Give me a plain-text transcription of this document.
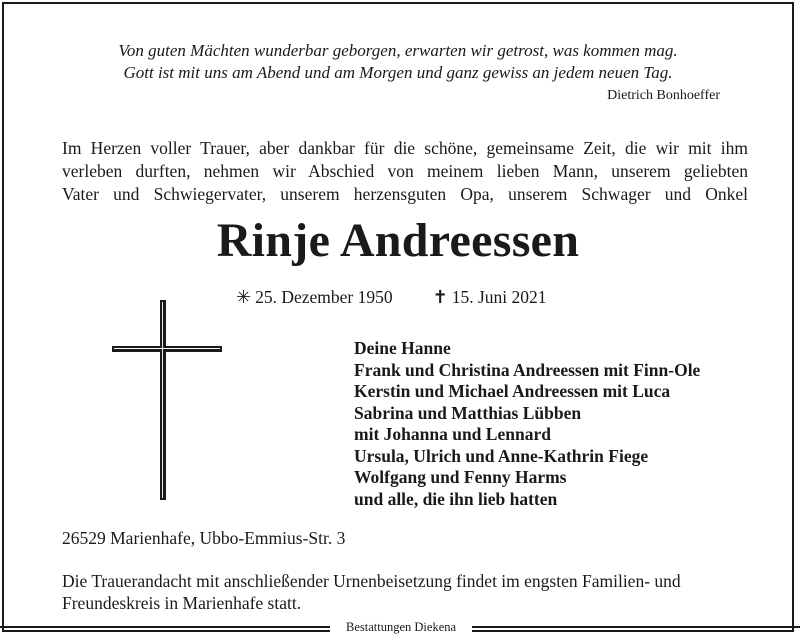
Von guten Mächten wunderbar geborgen, erwarten wir getrost, was kommen mag.
Gott ist mit uns am Abend und am Morgen und ganz gewiss an jedem neuen Tag.
Dietrich Bonhoeffer
Im Herzen voller Trauer, aber dankbar für die schöne, gemeinsame Zeit, die wir mit ihm
verleben durften, nehmen wir Abschied von meinem lieben Mann, unserem geliebten
Vater und Schwiegervater, unserem herzensguten Opa, unserem Schwager und Onkel
Rinje Andreessen
✳ 25. Dezember 1950 ✝ 15. Juni 2021
Deine Hanne
Frank und Christina Andreessen mit Finn-Ole
Kerstin und Michael Andreessen mit Luca
Sabrina und Matthias Lübben
mit Johanna und Lennard
Ursula, Ulrich und Anne-Kathrin Fiege
Wolfgang und Fenny Harms
und alle, die ihn lieb hatten
26529 Marienhafe, Ubbo-Emmius-Str. 3
Die Trauerandacht mit anschließender Urnenbeisetzung findet im engsten Familien- und
Freundeskreis in Marienhafe statt.
Bestattungen Diekena
